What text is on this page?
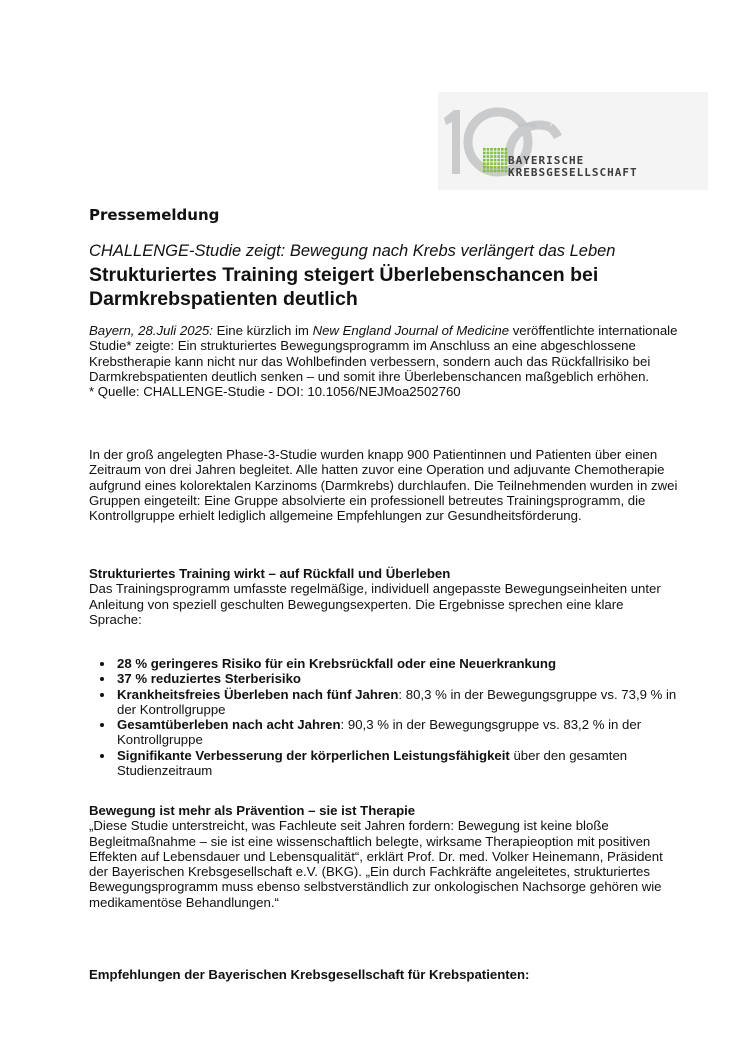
JAHRE
BAYERISCHE
KREBSGESELLSCHAFT
Pressemeldung
CHALLENGE-Studie zeigt: Bewegung nach Krebs verlängert das Leben
Strukturiertes Training steigert Überlebenschancen bei Darmkrebspatienten deutlich

Bayern, 28.Juli 2025: Eine kürzlich im New England Journal of Medicine veröffentlichte internationale Studie* zeigte: Ein strukturiertes Bewegungsprogramm im Anschluss an eine abgeschlossene Krebstherapie kann nicht nur das Wohlbefinden verbessern, sondern auch das Rückfallrisiko bei Darmkrebspatienten deutlich senken – und somit ihre Überlebenschancen maßgeblich erhöhen.

* Quelle: CHALLENGE-Studie - DOI: 10.1056/NEJMoa2502760

In der groß angelegten Phase-3-Studie wurden knapp 900 Patientinnen und Patienten über einen Zeitraum von drei Jahren begleitet. Alle hatten zuvor eine Operation und adjuvante Chemotherapie aufgrund eines kolorektalen Karzinoms (Darmkrebs) durchlaufen. Die Teilnehmenden wurden in zwei Gruppen eingeteilt: Eine Gruppe absolvierte ein professionell betreutes Trainingsprogramm, die Kontrollgruppe erhielt lediglich allgemeine Empfehlungen zur Gesundheitsförderung.

Strukturiertes Training wirkt – auf Rückfall und Überleben

Das Trainingsprogramm umfasste regelmäßige, individuell angepasste Bewegungseinheiten unter Anleitung von speziell geschulten Bewegungsexperten. Die Ergebnisse sprechen eine klare Sprache:

28 % geringeres Risiko für ein Krebsrückfall oder eine Neuerkrankung
37 % reduziertes Sterberisiko
Krankheitsfreies Überleben nach fünf Jahren: 80,3 % in der Bewegungsgruppe vs. 73,9 % in der Kontrollgruppe
Gesamtüberleben nach acht Jahren: 90,3 % in der Bewegungsgruppe vs. 83,2 % in der Kontrollgruppe
Signifikante Verbesserung der körperlichen Leistungsfähigkeit über den gesamten Studienzeitraum

Bewegung ist mehr als Prävention – sie ist Therapie

„Diese Studie unterstreicht, was Fachleute seit Jahren fordern: Bewegung ist keine bloße Begleitmaßnahme – sie ist eine wissenschaftlich belegte, wirksame Therapieoption mit positiven Effekten auf Lebensdauer und Lebensqualität“, erklärt Prof. Dr. med. Volker Heinemann, Präsident der Bayerischen Krebsgesellschaft e.V. (BKG). „Ein durch Fachkräfte angeleitetes, strukturiertes Bewegungsprogramm muss ebenso selbstverständlich zur onkologischen Nachsorge gehören wie medikamentöse Behandlungen.“

Empfehlungen der Bayerischen Krebsgesellschaft für Krebspatienten:
